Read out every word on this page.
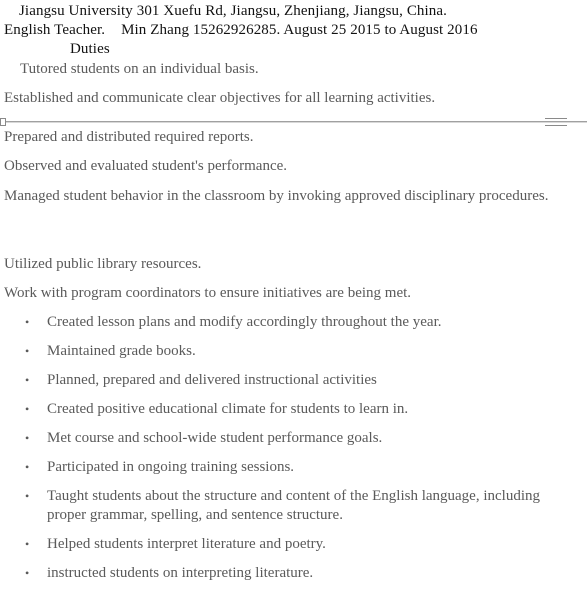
Jiangsu University 301 Xuefu Rd, Jiangsu, Zhenjiang, Jiangsu, China.
English Teacher. Min Zhang 15262926285. August 25 2015 to August 2016
Duties
Tutored students on an individual basis.
Established and communicate clear objectives for all learning activities.
Prepared and distributed required reports.
Observed and evaluated student's performance.
Managed student behavior in the classroom by invoking approved disciplinary procedures.
Utilized public library resources.
Work with program coordinators to ensure initiatives are being met.
• Created lesson plans and modify accordingly throughout the year.
• Maintained grade books.
• Planned, prepared and delivered instructional activities
• Created positive educational climate for students to learn in.
• Met course and school-wide student performance goals.
• Participated in ongoing training sessions.
• Taught students about the structure and content of the English language, including proper grammar, spelling, and sentence structure.
• Helped students interpret literature and poetry.
• instructed students on interpreting literature.
